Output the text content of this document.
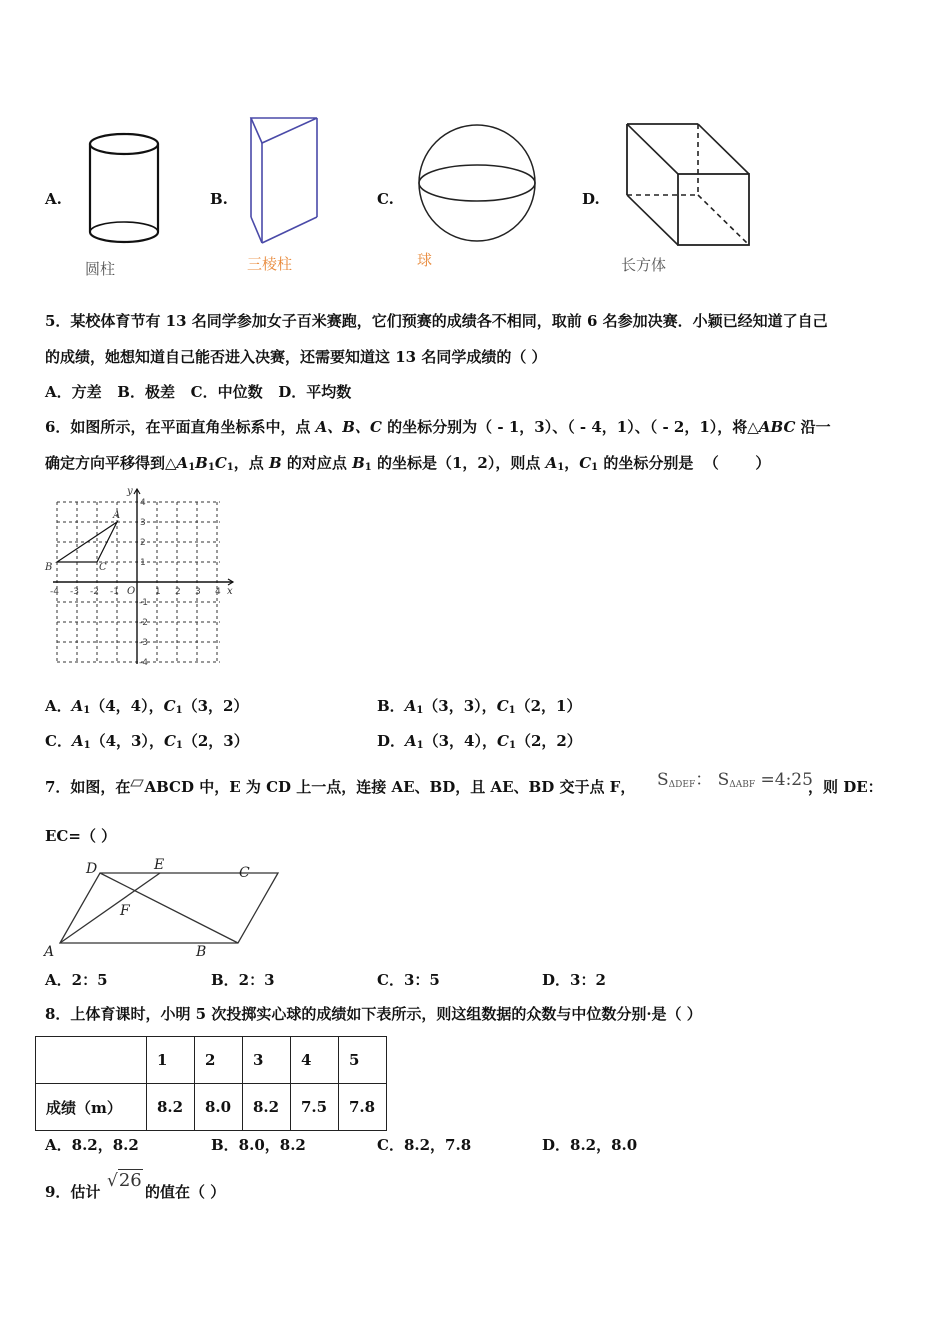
A.
圆柱
B.
三棱柱
C.
球
D.
长方体
5．某校体育节有 13 名同学参加女子百米赛跑，它们预赛的成绩各不相同，取前 6 名参加决赛．小颖已经知道了自己
的成绩，她想知道自己能否进入决赛，还需要知道这 13 名同学成绩的（ ）
A．方差   B．极差   C．中位数   D．平均数
6．如图所示，在平面直角坐标系中，点 A、B、C 的坐标分别为（ - 1，3）、（ - 4，1）、（ - 2，1），将△ABC 沿一
确定方向平移得到$\triangle A_1B_1C_1$，点 B 的对应点 $B_1$ 的坐标是（1，2），则点 $A_1$，$C_1$ 的坐标分别是  （       ）
y
x
A
B	C
O
-4 -3 -2 -1	1 2 3 4
4
3
2
1
-1
-2
-3
-4
A．$A_1(4$，4），$C_1(3$，2）	B．$A_1(3$，3），$C_1(2$，1）
C．$A_1(4$，3），$C_1(2$，3）	D．$A_1(3$，4），$C_1(2$，2）
7．如图，在 ABCD 中，E 为 CD 上一点，连接 AE、BD，且 AE、BD 交于点 F， $S_{\Delta DEF}$： $S_{\Delta ABF}$ =4:25
，则 DE：
EC=（ ）
D	E	C
F
A	B
A．2：5	B．2：3	C．3：5	D．3：2
8．上体育课时，小明 5 次投掷实心球的成绩如下表所示，则这组数据的众数与中位数分别·是（ ）
	1	2	3	4	5
成绩（m）	8.2	8.0	8.2	7.5	7.8
A．8.2，8.2	B．8.0，8.2	C．8.2，7.8	D．8.2，8.0
9．估计
√26
的值在（ ）
